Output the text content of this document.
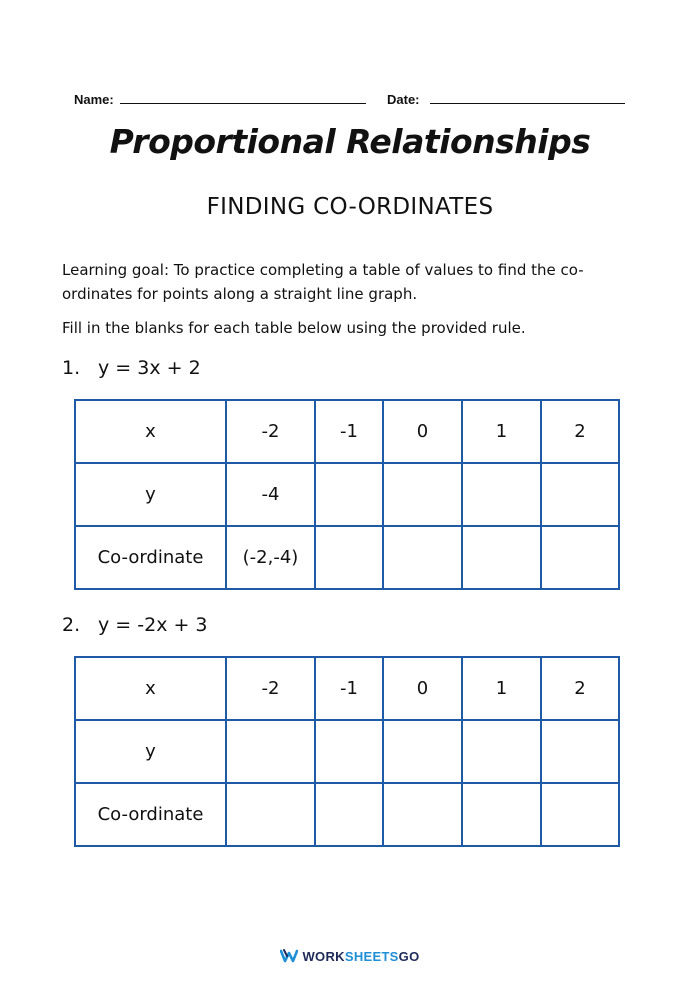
Name:	Date:
Proportional Relationships
FINDING CO-ORDINATES
Learning goal: To practice completing a table of values to find the co-ordinates for points along a straight line graph.
Fill in the blanks for each table below using the provided rule.
1. y = 3x + 2
x	-2	-1	0	1	2
y	-4				
Co-ordinate	(-2,-4)				
2. y = -2x + 3
x	-2	-1	0	1	2
y					
Co-ordinate					
WORKSHEETSGO
